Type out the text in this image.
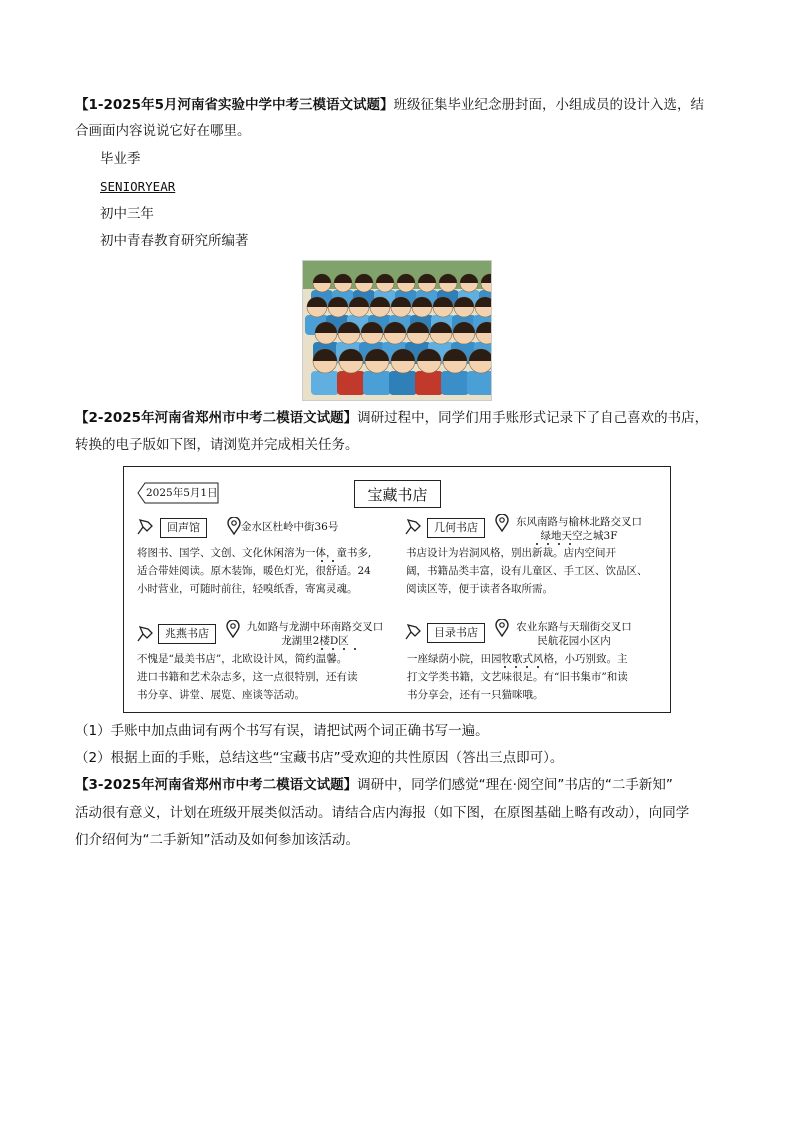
【1-2025年5月河南省实验中学中考三模语文试题】班级征集毕业纪念册封面，小组成员的设计入选，结
合画面内容说说它好在哪里。
毕业季
SENIORYEAR
初中三年
初中青春教育研究所编著
【2-2025年河南省郑州市中考二模语文试题】调研过程中，同学们用手账形式记录下了自己喜欢的书店，
转换的电子版如下图，请浏览并完成相关任务。
2025年5月1日	宝藏书店
回声馆	金水区杜岭中街36号
将图书、国学、文创、文化休闲溶为一体，童书多,
适合带娃阅读。原木装饰，暖色灯光，很舒适。24
小时营业，可随时前往，轻嗅纸香，寄寓灵魂。
几何书店	东风南路与榆林北路交叉口
绿地天空之城3F
书店设计为岩洞风格，别出新裁。店内空间开
阔，书籍品类丰富，设有儿童区、手工区、饮品区、
阅读区等，便于读者各取所需。
兆燕书店	九如路与龙湖中环南路交叉口
龙湖里2楼D区
不愧是“最美书店”，北欧设计风，简约温馨。
进口书籍和艺术杂志多，这一点很特别，还有读
书分享、讲堂、展览、座谈等活动。
目录书店	农业东路与天瑞街交叉口
民航花园小区内
一座绿荫小院，田园牧歌式风格，小巧别致。主
打文学类书籍，文艺味很足。有“旧书集市”和读
书分享会，还有一只猫咪哦。
（1）手账中加点曲词有两个书写有误，请把试两个词正确书写一遍。
（2）根据上面的手账，总结这些“宝藏书店”受欢迎的共性原因（答出三点即可）。
【3-2025年河南省郑州市中考二模语文试题】调研中，同学们感觉“理在·阅空间”书店的“二手新知”
活动很有意义，计划在班级开展类似活动。请结合店内海报（如下图，在原图基础上略有改动），向同学
们介绍何为“二手新知”活动及如何参加该活动。
